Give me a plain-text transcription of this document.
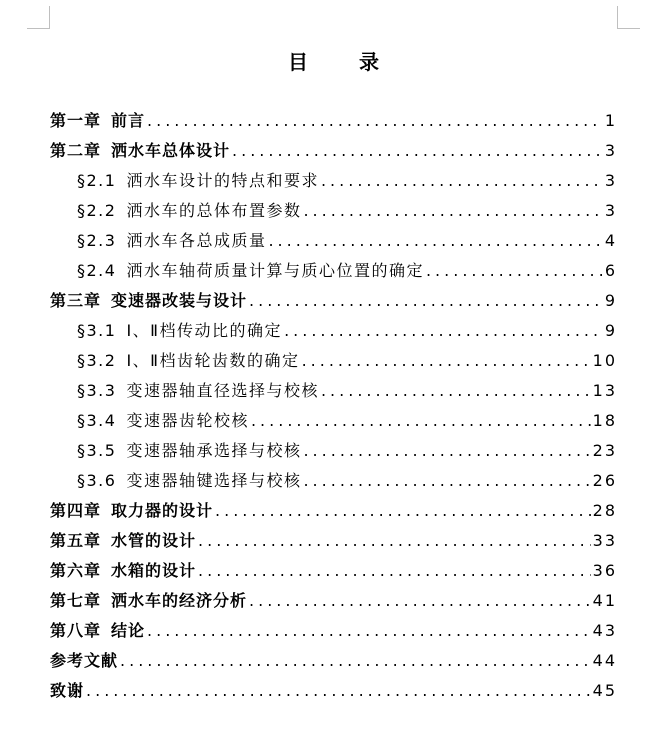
目 录
第一章 前言 .....	1
第二章 洒水车总体设计 .....	3
§2.1 洒水车设计的特点和要求 .....	3
§2.2 洒水车的总体布置参数 .....	3
§2.3 洒水车各总成质量 .....	4
§2.4 洒水车轴荷质量计算与质心位置的确定 .....	6
第三章 变速器改装与设计 .....	9
§3.1 Ⅰ、Ⅱ档传动比的确定 .....	9
§3.2 Ⅰ、Ⅱ档齿轮齿数的确定 .....	10
§3.3 变速器轴直径选择与校核 .....	13
§3.4 变速器齿轮校核 .....	18
§3.5 变速器轴承选择与校核 .....	23
§3.6 变速器轴键选择与校核 .....	26
第四章 取力器的设计 .....	28
第五章 水管的设计 .....	33
第六章 水箱的设计 .....	36
第七章 洒水车的经济分析 .....	41
第八章 结论 .....	43
参考文献 .....	44
致谢 .....	45
